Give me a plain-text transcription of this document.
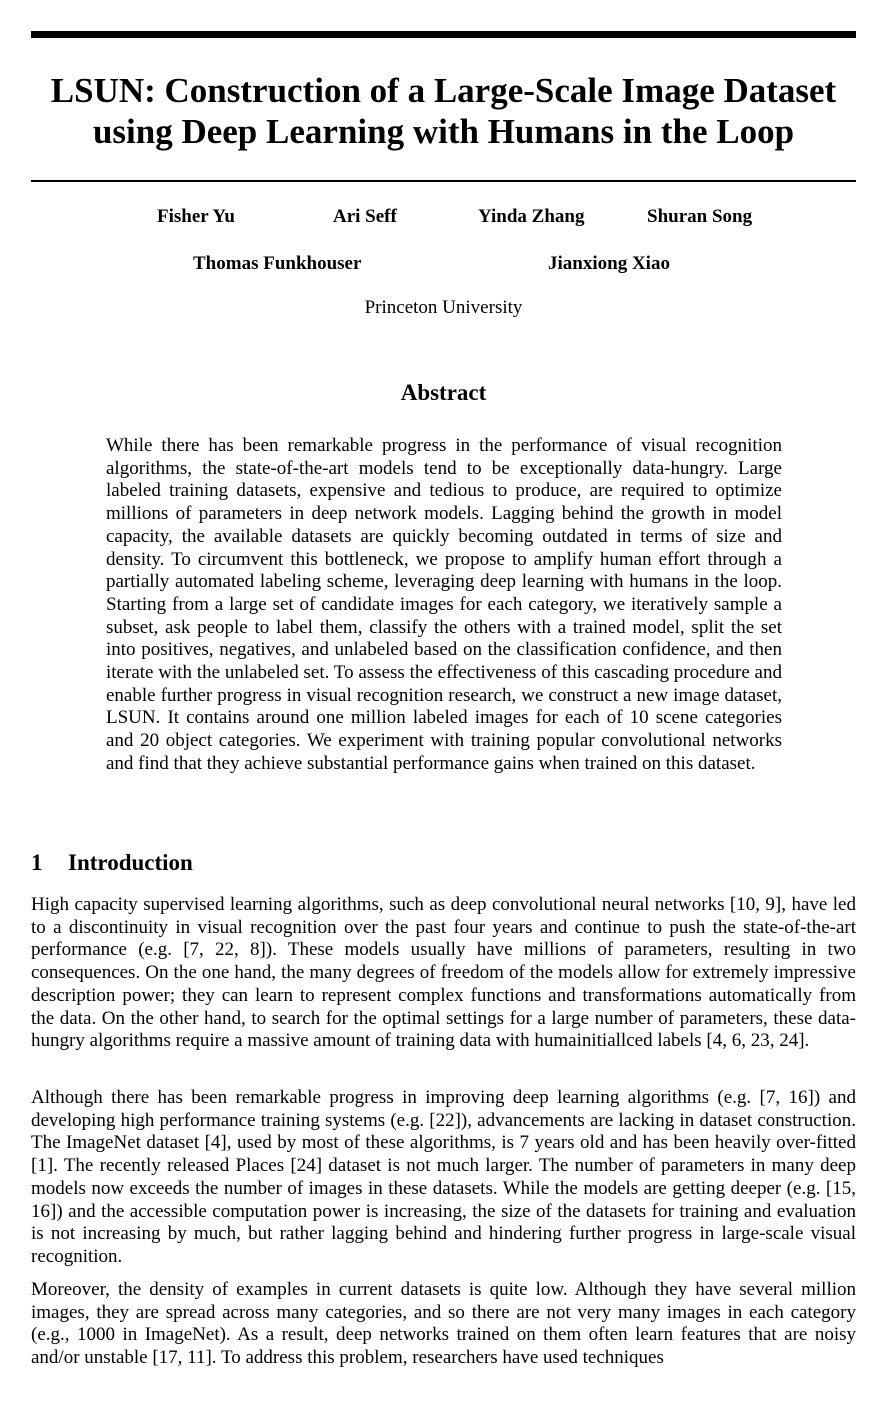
LSUN: Construction of a Large-Scale Image Dataset using Deep Learning with Humans in the Loop
Fisher Yu	Ari Seff	Yinda Zhang	Shuran Song
Thomas Funkhouser	Jianxiong Xiao
Princeton University
Abstract

While there has been remarkable progress in the performance of visual recognition algorithms, the state-of-the-art models tend to be exceptionally data-hungry. Large labeled training datasets, expensive and tedious to produce, are required to optimize millions of parameters in deep network models. Lagging behind the growth in model capacity, the available datasets are quickly becoming outdated in terms of size and density. To circumvent this bottleneck, we propose to amplify human effort through a partially automated labeling scheme, leveraging deep learning with humans in the loop. Starting from a large set of candidate images for each category, we iteratively sample a subset, ask people to label them, classify the others with a trained model, split the set into positives, negatives, and unlabeled based on the classification confidence, and then iterate with the unlabeled set. To assess the effectiveness of this cascading procedure and enable further progress in visual recognition research, we construct a new image dataset, LSUN. It contains around one million labeled images for each of 10 scene categories and 20 object categories. We experiment with training popular convolutional networks and find that they achieve substantial performance gains when trained on this dataset.

1 Introduction

High capacity supervised learning algorithms, such as deep convolutional neural networks [10, 9], have led to a discontinuity in visual recognition over the past four years and continue to push the state-of-the-art performance (e.g. [7, 22, 8]). These models usually have millions of parameters, resulting in two consequences. On the one hand, the many degrees of freedom of the models allow for extremely impressive description power; they can learn to represent complex functions and transformations automatically from the data. On the other hand, to search for the optimal settings for a large number of parameters, these data-hungry algorithms require a massive amount of training data with humainitiallced labels [4, 6, 23, 24].

Although there has been remarkable progress in improving deep learning algorithms (e.g. [7, 16]) and developing high performance training systems (e.g. [22]), advancements are lacking in dataset construction. The ImageNet dataset [4], used by most of these algorithms, is 7 years old and has been heavily over-fitted [1]. The recently released Places [24] dataset is not much larger. The number of parameters in many deep models now exceeds the number of images in these datasets. While the models are getting deeper (e.g. [15, 16]) and the accessible computation power is increasing, the size of the datasets for training and evaluation is not increasing by much, but rather lagging behind and hindering further progress in large-scale visual recognition.

Moreover, the density of examples in current datasets is quite low. Although they have several million images, they are spread across many categories, and so there are not very many images in each category (e.g., 1000 in ImageNet). As a result, deep networks trained on them often learn features that are noisy and/or unstable [17, 11]. To address this problem, researchers have used techniques
